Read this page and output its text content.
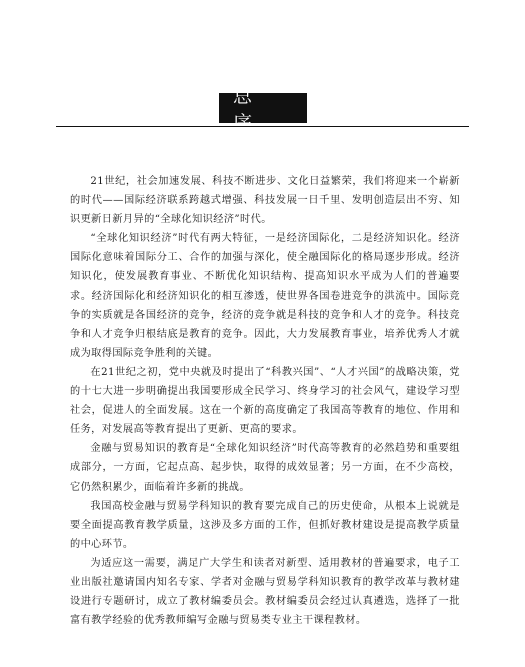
总 序

21世纪，社会加速发展、科技不断进步、文化日益繁荣，我们将迎来一个崭新的时代——国际经济联系跨越式增强、科技发展一日千里、发明创造层出不穷、知识更新日新月异的“全球化知识经济”时代。

“全球化知识经济”时代有两大特征，一是经济国际化，二是经济知识化。经济国际化意味着国际分工、合作的加强与深化，使全融国际化的格局逐步形成。经济知识化，使发展教育事业、不断优化知识结构、提高知识水平成为人们的普遍要求。经济国际化和经济知识化的相互渗透，使世界各国卷进竞争的洪流中。国际竞争的实质就是各国经济的竞争，经济的竞争就是科技的竞争和人才的竞争。科技竞争和人才竞争归根结底是教育的竞争。因此，大力发展教育事业，培养优秀人才就成为取得国际竞争胜利的关键。

在21世纪之初，党中央就及时提出了“科教兴国”、“人才兴国”的战略决策，党的十七大进一步明确提出我国要形成全民学习、终身学习的社会风气，建设学习型社会，促进人的全面发展。这在一个新的高度确定了我国高等教育的地位、作用和任务，对发展高等教育提出了更新、更高的要求。

金融与贸易知识的教育是“全球化知识经济”时代高等教育的必然趋势和重要组成部分，一方面，它起点高、起步快，取得的成效显著；另一方面，在不少高校，它仍然积累少，面临着许多新的挑战。

我国高校金融与贸易学科知识的教育要完成自己的历史使命，从根本上说就是要全面提高教育教学质量，这涉及多方面的工作，但抓好教材建设是提高教学质量的中心环节。

为适应这一需要，满足广大学生和读者对新型、适用教材的普遍要求，电子工业出版社邀请国内知名专家、学者对金融与贸易学科知识教育的教学改革与教材建设进行专题研讨，成立了教材编委员会。教材编委员会经过认真遴选，选择了一批富有教学经验的优秀教师编写金融与贸易类专业主干课程教材。
